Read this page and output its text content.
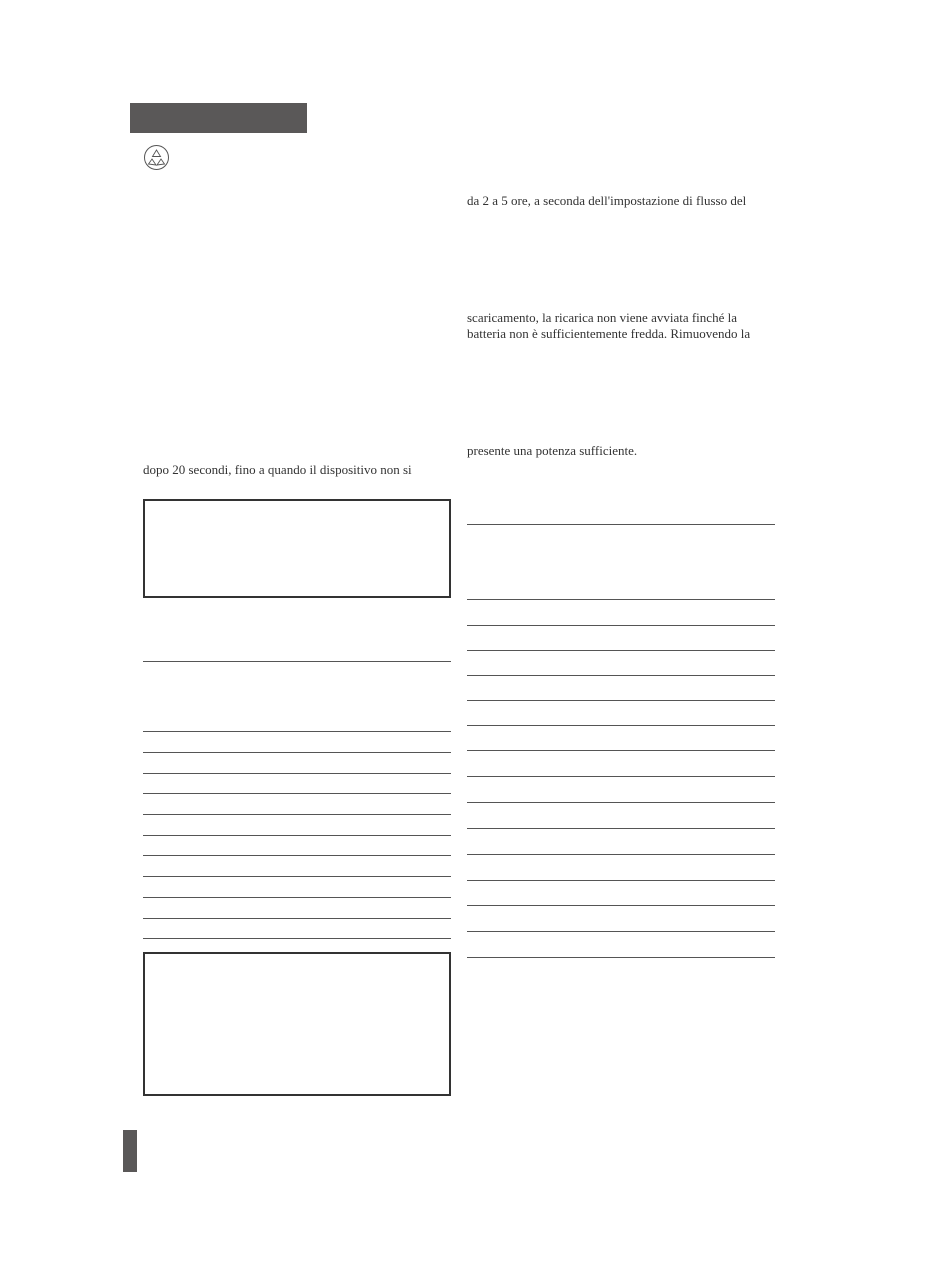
da 2 a 5 ore, a seconda dell'impostazione di flusso del
scaricamento, la ricarica non viene avviata finché la
batteria non è sufficientemente fredda. Rimuovendo la
presente una potenza sufficiente.
dopo 20 secondi, fino a quando il dispositivo non si
